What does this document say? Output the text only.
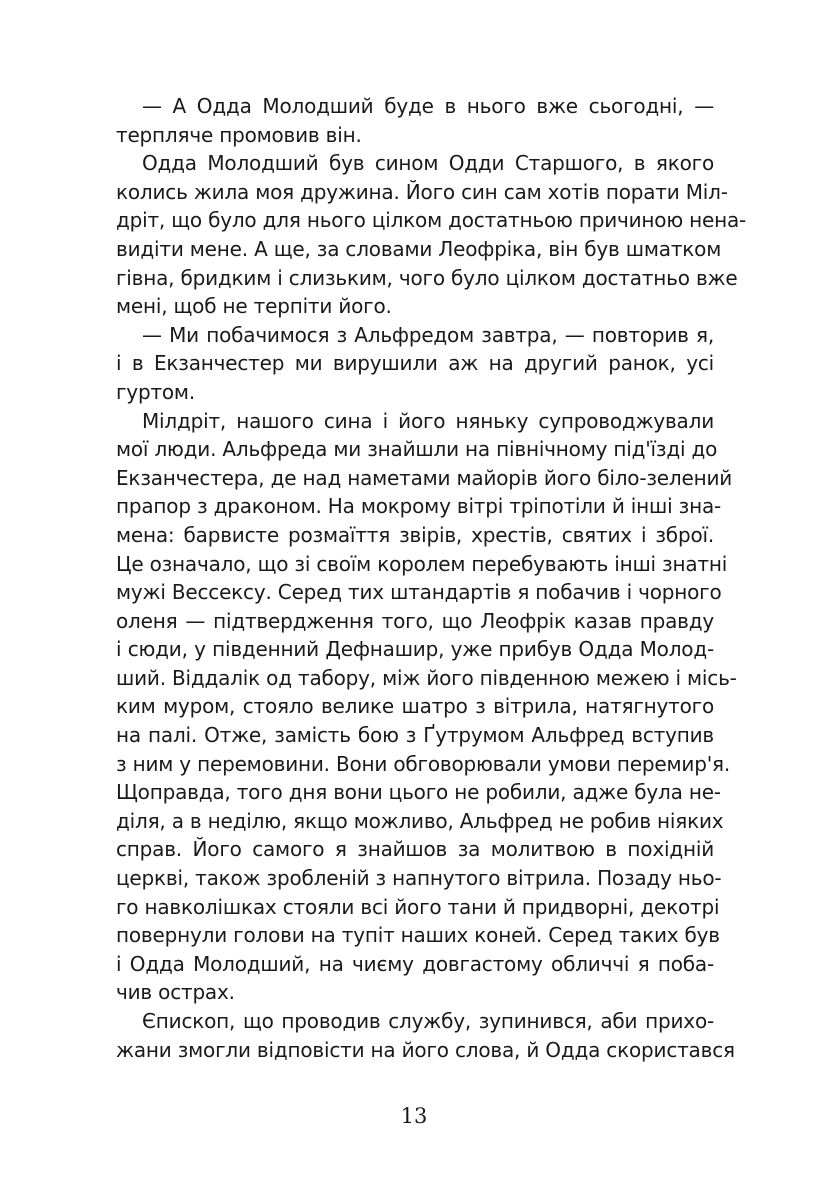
— А Одда Молодший буде в нього вже сьогодні, —
терпляче промовив він.
Одда Молодший був сином Одди Старшого, в якого
колись жила моя дружина. Його син сам хотів порати Міл-
дріт, що було для нього цілком достатньою причиною нена-
видіти мене. А ще, за словами Леофріка, він був шматком
гівна, бридким і слизьким, чого було цілком достатньо вже
мені, щоб не терпіти його.
— Ми побачимося з Альфредом завтра, — повторив я,
і в Екзанчестер ми вирушили аж на другий ранок, усі
гуртом.
Мілдріт, нашого сина і його няньку супроводжували
мої люди. Альфреда ми знайшли на північному під'їзді до
Екзанчестера, де над наметами майорів його біло-зелений
прапор з драконом. На мокрому вітрі тріпотіли й інші зна-
мена: барвисте розмаїття звірів, хрестів, святих і зброї.
Це означало, що зі своїм королем перебувають інші знатні
мужі Вессексу. Серед тих штандартів я побачив і чорного
оленя — підтвердження того, що Леофрік казав правду
і сюди, у південний Дефнашир, уже прибув Одда Молод-
ший. Віддалік од табору, між його південною межею і місь-
ким муром, стояло велике шатро з вітрила, натягнутого
на палі. Отже, замість бою з Ґутрумом Альфред вступив
з ним у перемовини. Вони обговорювали умови перемир'я.
Щоправда, того дня вони цього не робили, адже була не-
діля, а в неділю, якщо можливо, Альфред не робив ніяких
справ. Його самого я знайшов за молитвою в похідній
церкві, також зробленій з напнутого вітрила. Позаду ньо-
го навколішках стояли всі його тани й придворні, декотрі
повернули голови на тупіт наших коней. Серед таких був
і Одда Молодший, на чиєму довгастому обличчі я поба-
чив острах.
Єпископ, що проводив службу, зупинився, аби прихо-
жани змогли відповісти на його слова, й Одда скористався
13
